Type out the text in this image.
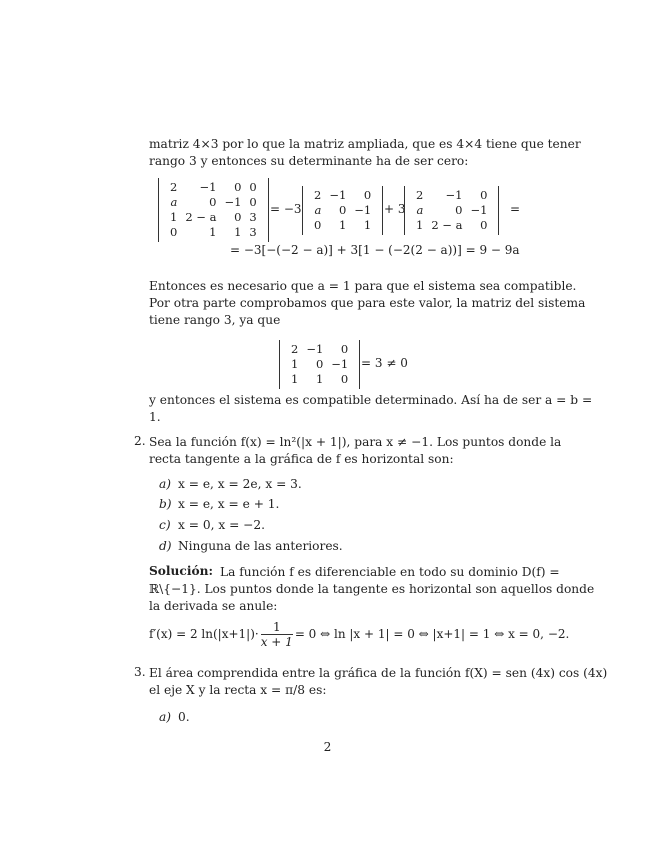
matriz 4×3 por lo que la matriz ampliada, que es 4×4 tiene que tener

rango 3 y entonces su determinante ha de ser cero:

2	−1	0	0
a	0	−1	0
1	2 − a	0	3
0	1	1	3
= −3
2	−1	0
a	0	−1
0	1	1
+ 3
2	−1	0
a	0	−1
1	2 − a	0
=
= −3[−(−2 − a)] + 3[1 − (−2(2 − a))] = 9 − 9a

Entonces es necesario que a = 1 para que el sistema sea compatible.

Por otra parte comprobamos que para este valor, la matriz del sistema

tiene rango 3, ya que

2	−1	0
1	0	−1
1	1	0
= 3 ≠ 0

y entonces el sistema es compatible determinado. Así ha de ser a = b =

1.

2. Sea la función f(x) = ln²(|x + 1|), para x ≠ −1. Los puntos donde la

recta tangente a la gráfica de f es horizontal son:

a) x = e, x = 2e, x = 3.
b) x = e, x = e + 1.
c) x = 0, x = −2.
d) Ninguna de las anteriores.
Solución: La función f es diferenciable en todo su dominio D(f) =

ℝ\{−1}. Los puntos donde la tangente es horizontal son aquellos donde

la derivada se anule:

f′(x) = 2 $\ln(|x+1|)\cdot \frac{1}{x + 1} = 0$ ⇔ ln |x + 1| = 0 ⇔ |x+1| = 1 ⇔ x = 0, −2.
3. El área comprendida entre la gráfica de la función f(X) = sen (4x) cos (4x)

el eje X y la recta x = π/8 es:

a) 0.
2
